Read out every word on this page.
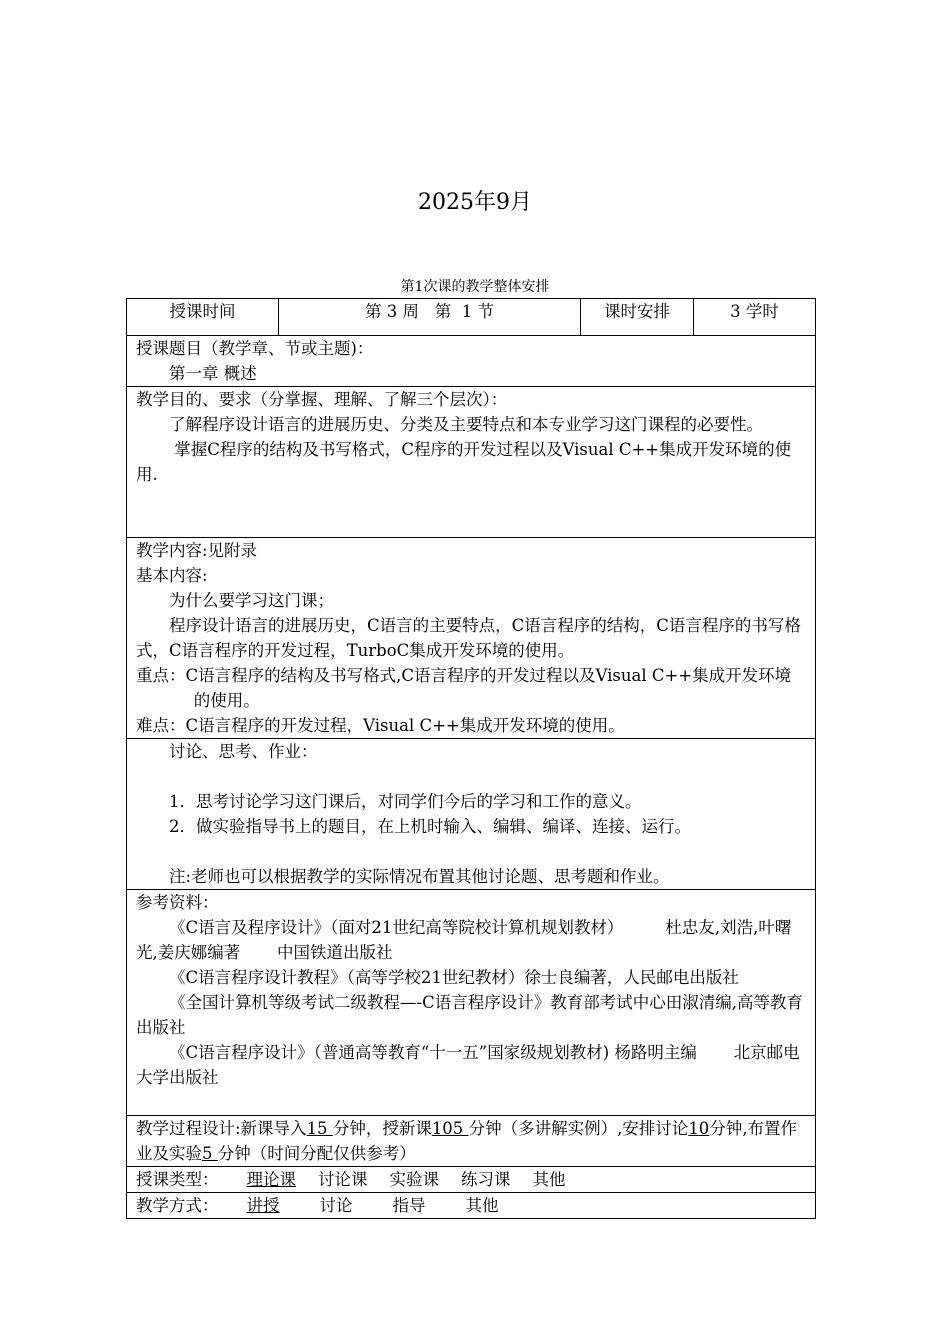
2025年9月
第1次课的教学整体安排
授课时间	第 3 周   第  1 节	课时安排	3 学时

授课题目（教学章、节或主题)：
第一章 概述

教学目的、要求（分掌握、理解、了解三个层次）：
了解程序设计语言的进展历史、分类及主要特点和本专业学习这门课程的必要性。
掌握C程序的结构及书写格式，C程序的开发过程以及Visual C++集成开发环境的使用.

教学内容:见附录
基本内容:
为什么要学习这门课；
程序设计语言的进展历史，C语言的主要特点，C语言程序的结构，C语言程序的书写格式，C语言程序的开发过程，TurboC集成开发环境的使用。
重点：C语言程序的结构及书写格式,C语言程序的开发过程以及Visual C++集成开发环境的使用。
难点：C语言程序的开发过程，Visual C++集成开发环境的使用。

讨论、思考、作业：
1．思考讨论学习这门课后，对同学们今后的学习和工作的意义。
2．做实验指导书上的题目，在上机时输入、编辑、编译、连接、运行。
注:老师也可以根据教学的实际情况布置其他讨论题、思考题和作业。

参考资料：
《C语言及程序设计》（面对21世纪高等院校计算机规划教材）        杜忠友,刘浩,叶曙光,姜庆娜编著       中国铁道出版社
《C语言程序设计教程》（高等学校21世纪教材）徐士良编著，人民邮电出版社
《全国计算机等级考试二级教程—-C语言程序设计》教育部考试中心田淑清编,高等教育出版社
《C语言程序设计》（普通高等教育“十一五”国家级规划教材) 杨路明主编       北京邮电大学出版社

教学过程设计:新课导入15 分钟，授新课105 分钟（多讲解实例）,安排讨论10分钟,布置作业及实验5 分钟（时间分配仅供参考）

授课类型： 理论课 讨论课 实验课 练习课 其他

教学方式： 讲授 讨论 指导 其他
